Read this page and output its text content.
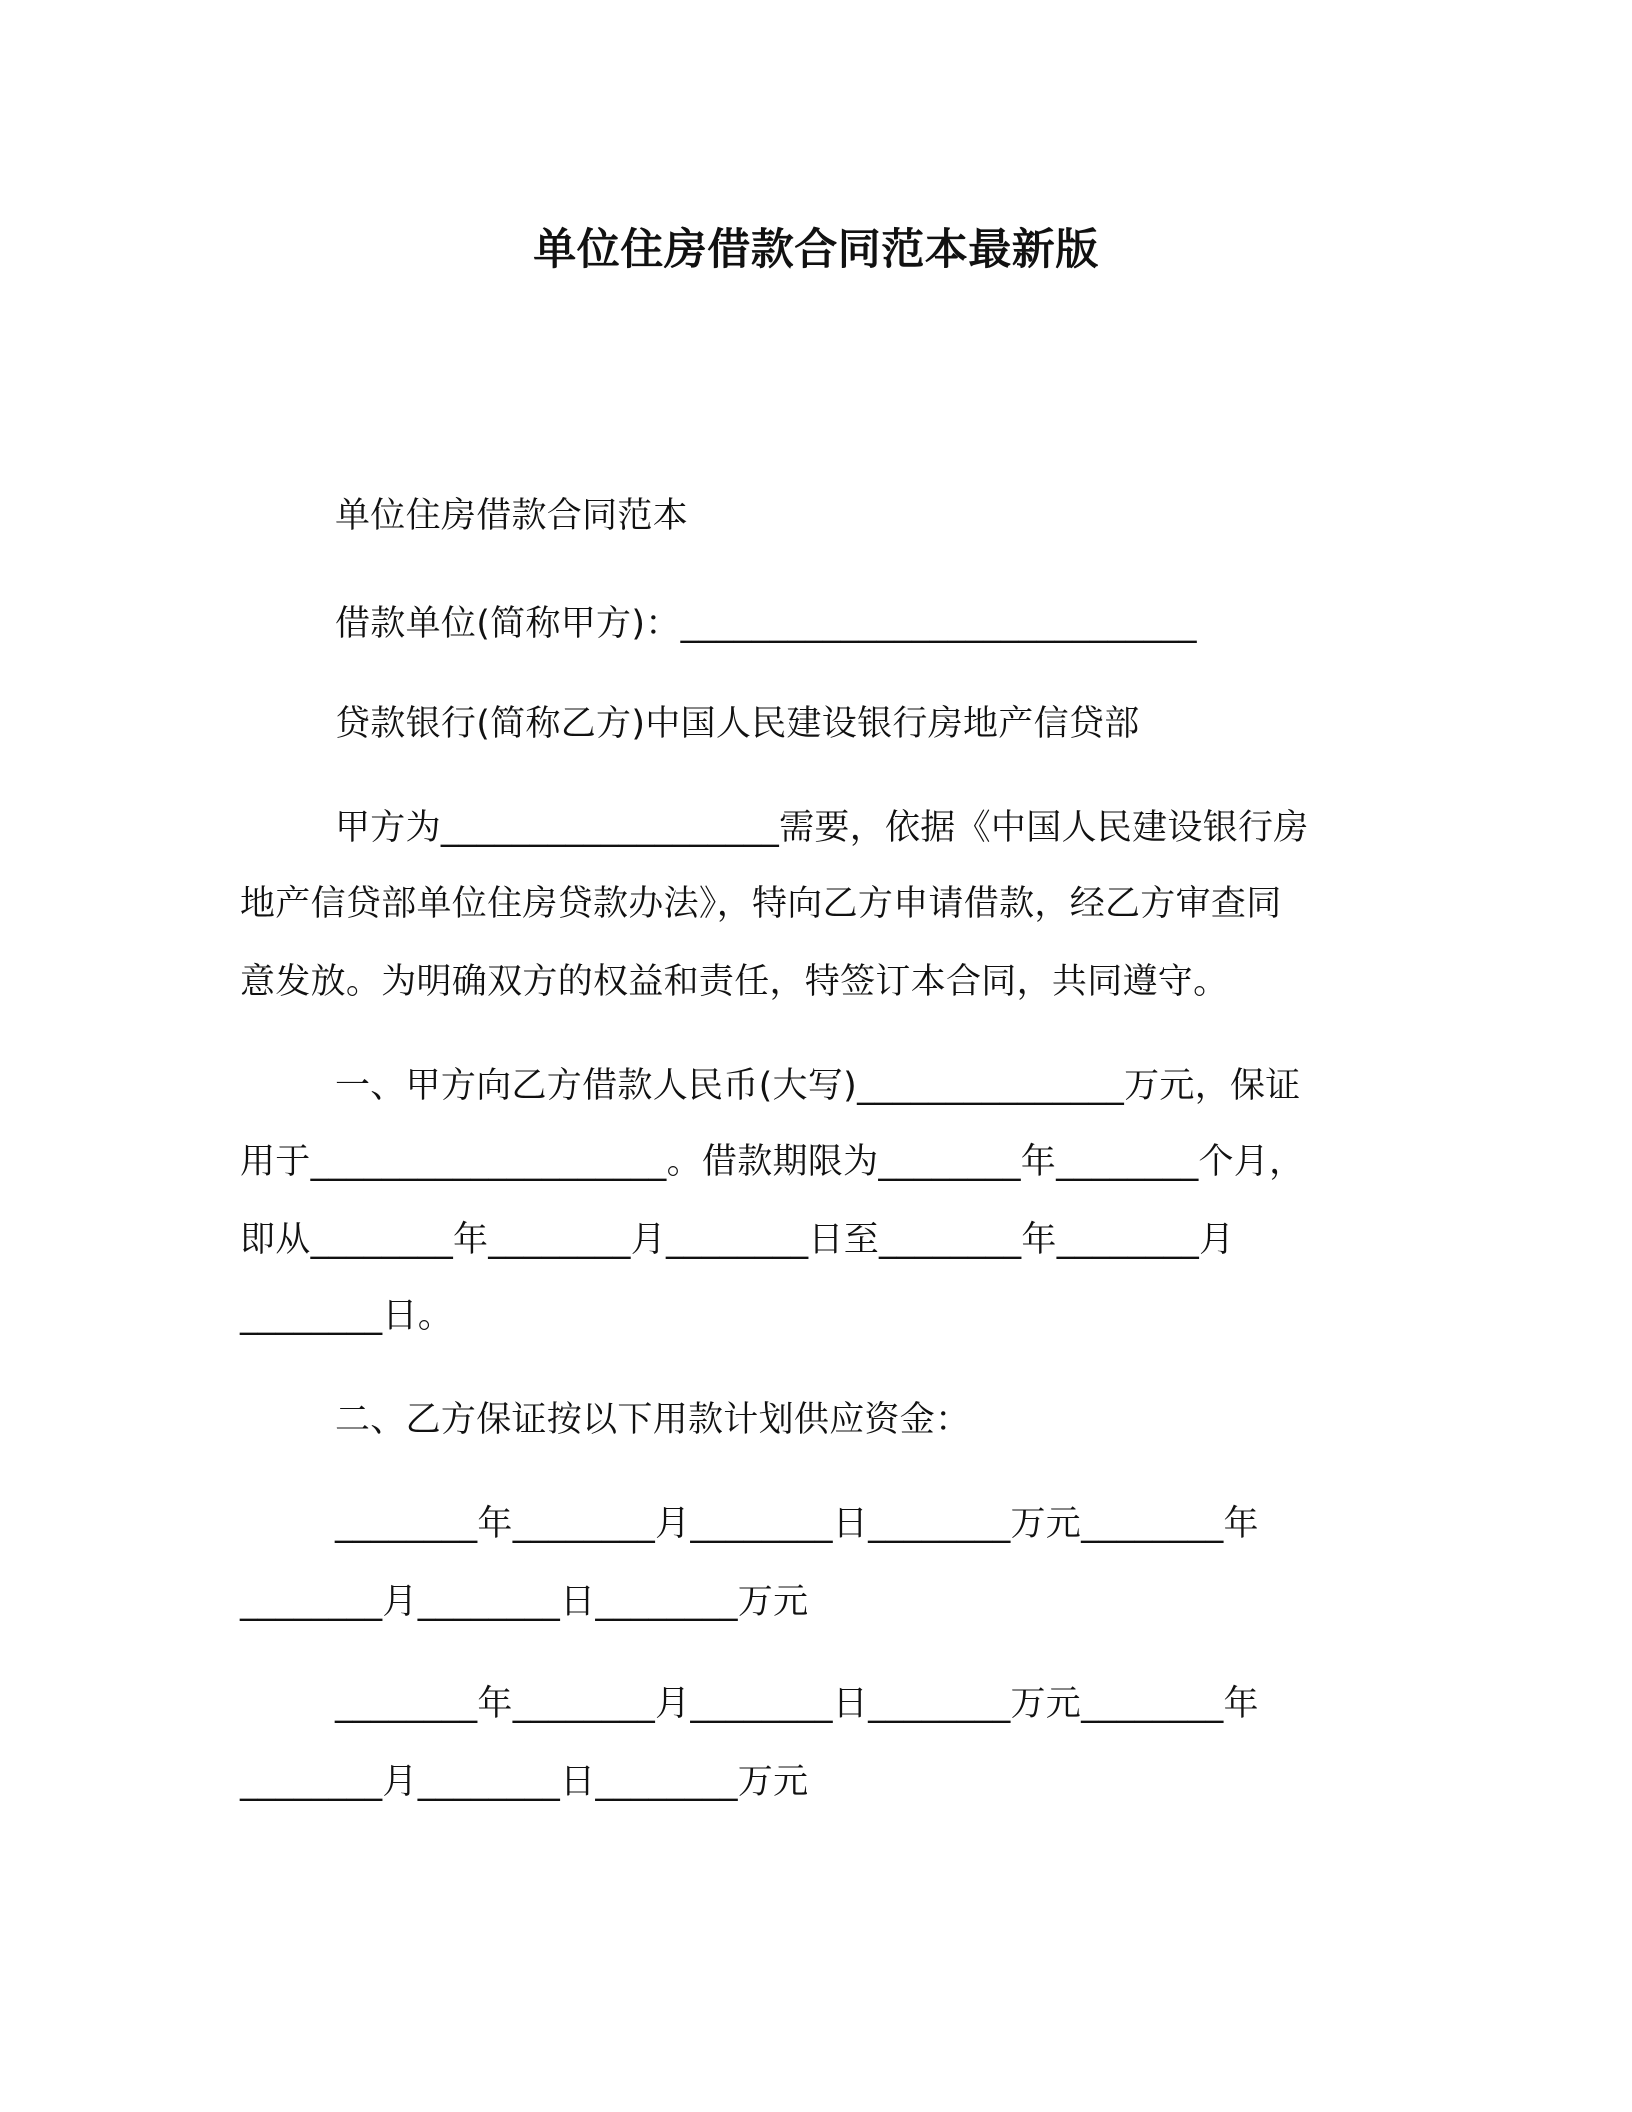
单位住房借款合同范本最新版
单位住房借款合同范本
借款单位(简称甲方)：_____________________________
贷款银行(简称乙方)中国人民建设银行房地产信贷部
甲方为___________________需要，依据《中国人民建设银行房
地产信贷部单位住房贷款办法》，特向乙方申请借款，经乙方审查同
意发放。为明确双方的权益和责任，特签订本合同，共同遵守。
一、甲方向乙方借款人民币(大写)_______________万元，保证
用于____________________。借款期限为________年________个月，
即从________年________月________日至________年________月
________日。
二、乙方保证按以下用款计划供应资金：
________年________月________日________万元________年
________月________日________万元
________年________月________日________万元________年
________月________日________万元
